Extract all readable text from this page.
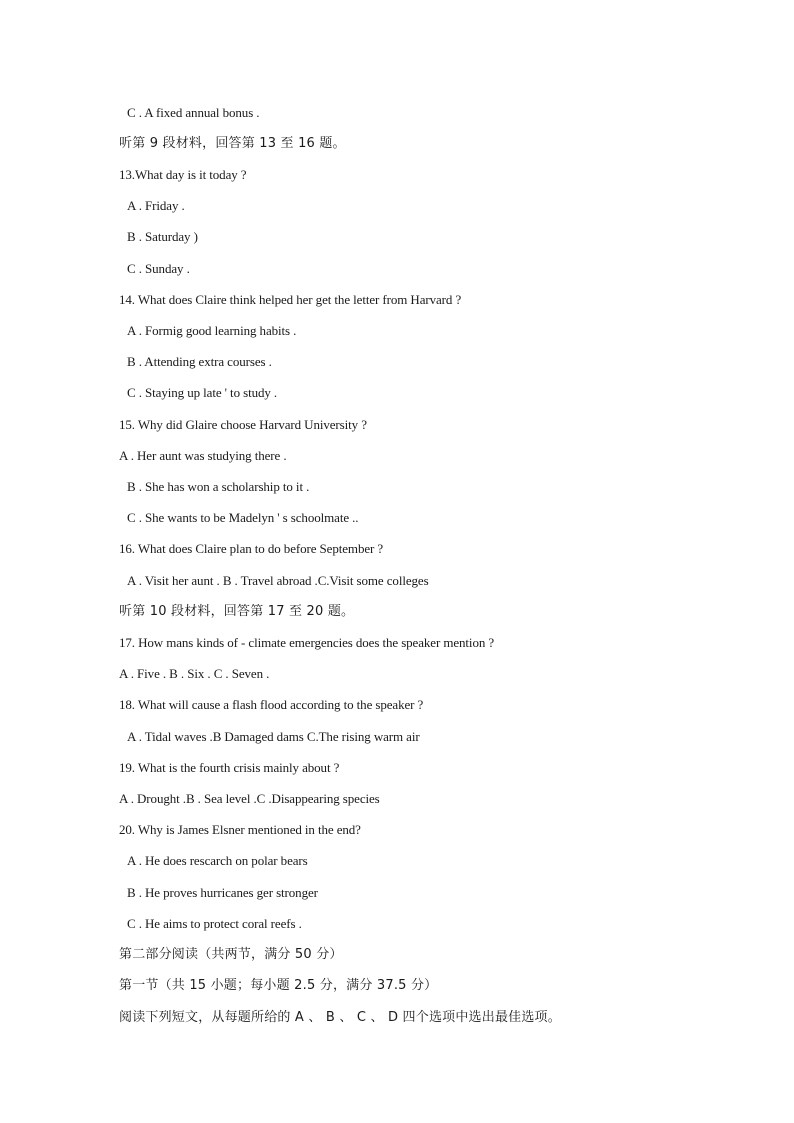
C . A fixed annual bonus .
听第 9 段材料，回答第 13 至 16 题。
13.What day is it today ?
A . Friday .
B . Saturday )
C . Sunday .
14. What does Claire think helped her get the letter from Harvard ?
A . Formig good learning habits .
B . Attending extra courses .
C . Staying up late ' to study .
15. Why did Glaire choose Harvard University ?
A . Her aunt was studying there .
B . She has won a scholarship to it .
C . She wants to be Madelyn ' s schoolmate ..
16. What does Claire plan to do before September ?
A . Visit her aunt . B . Travel abroad .C.Visit some colleges
听第 10 段材料，回答第 17 至 20 题。
17. How mans kinds of - climate emergencies does the speaker mention ?
A . Five . B . Six . C . Seven .
18. What will cause a flash flood according to the speaker ?
A . Tidal waves .B Damaged dams C.The rising warm air
19. What is the fourth crisis mainly about ?
A . Drought .B . Sea level .C .Disappearing species
20. Why is James Elsner mentioned in the end?
A . He does rescarch on polar bears
B . He proves hurricanes ger stronger
C . He aims to protect coral reefs .
第二部分阅读（共两节，满分 50 分）
第一节（共 15 小题；每小题 2.5 分，满分 37.5 分）
阅读下列短文，从每题所给的 A 、 B 、 C 、 D 四个选项中选出最佳选项。
